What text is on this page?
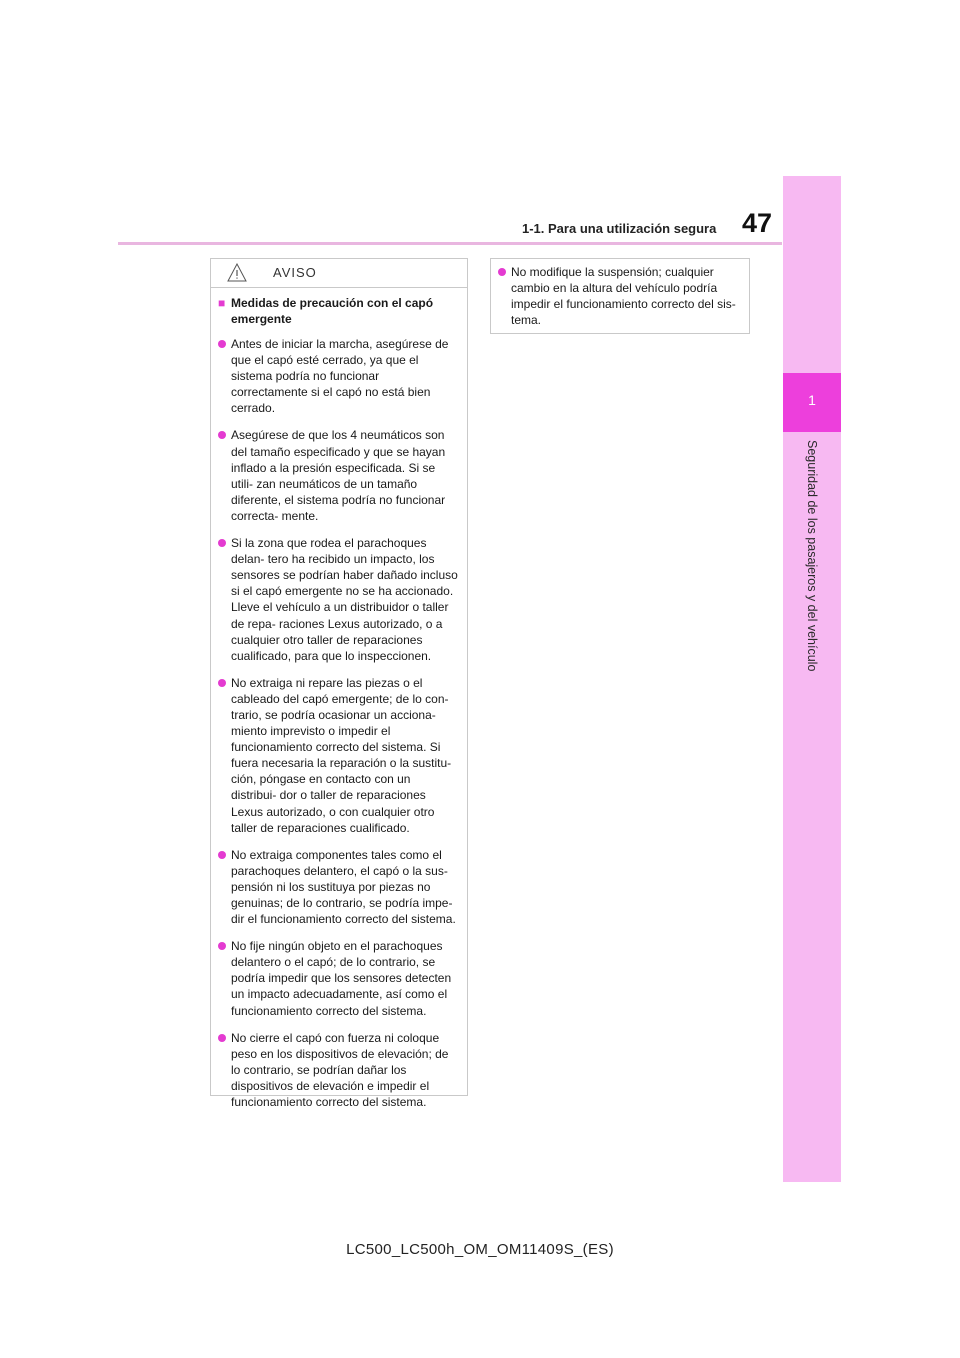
47
1-1. Para una utilización segura
1
Seguridad de los pasajeros y del vehículo
AVISO
■ Medidas de precaución con el capó emergente
Antes de iniciar la marcha, asegúrese de que el capó esté cerrado, ya que el sistema podría no funcionar correctamente si el capó no está bien cerrado.
Asegúrese de que los 4 neumáticos son del tamaño especificado y que se hayan inflado a la presión especificada. Si se utili- zan neumáticos de un tamaño diferente, el sistema podría no funcionar correcta- mente.
Si la zona que rodea el parachoques delan- tero ha recibido un impacto, los sensores se podrían haber dañado incluso si el capó emergente no se ha accionado. Lleve el vehículo a un distribuidor o taller de repa- raciones Lexus autorizado, o a cualquier otro taller de reparaciones cualificado, para que lo inspeccionen.
No extraiga ni repare las piezas o el cableado del capó emergente; de lo con- trario, se podría ocasionar un acciona- miento imprevisto o impedir el funcionamiento correcto del sistema. Si fuera necesaria la reparación o la sustitu- ción, póngase en contacto con un distribui- dor o taller de reparaciones Lexus autorizado, o con cualquier otro taller de reparaciones cualificado.
No extraiga componentes tales como el parachoques delantero, el capó o la sus- pensión ni los sustituya por piezas no genuinas; de lo contrario, se podría impe- dir el funcionamiento correcto del sistema.
No fije ningún objeto en el parachoques delantero o el capó; de lo contrario, se podría impedir que los sensores detecten un impacto adecuadamente, así como el funcionamiento correcto del sistema.
No cierre el capó con fuerza ni coloque peso en los dispositivos de elevación; de lo contrario, se podrían dañar los dispositivos de elevación e impedir el funcionamiento correcto del sistema.
No modifique la suspensión; cualquier cambio en la altura del vehículo podría impedir el funcionamiento correcto del sis- tema.
LC500_LC500h_OM_OM11409S_(ES)
